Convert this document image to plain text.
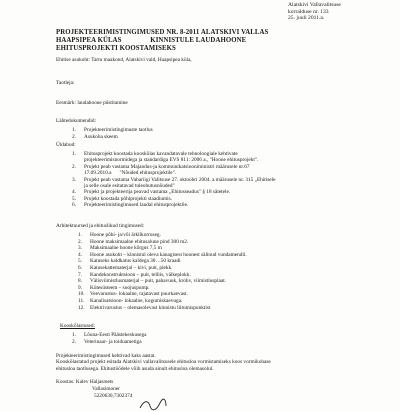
Alatskivi Vallavalitsuse
korralduse nr. 133
25. juuli 2011.a.
PROJEKTEERIMISTINGIMUSED NR. 8-2011 ALATSKIVI VALLAS
HAAPSIPEA KÜLAS                KINNISTULE LAUDAHOONE
EHITUSPROJEKTI KOOSTAMISEKS
Ehitise asukoht: Tartu maakond, Alatskivi vald, Haapsipea küla,
Taotleja:
Eesmärk: laudahoone püstitamine
Lähtedokumendid:
1. Projekteerimistingimuste taotlus
2. Asukoha skeem
Üldabud:
1. Ehitusprojekt koostada kooskõlas kavandatavale tehnoloogiale kehtivate
projekteerimisnormidega ja standardiga EVS 811: 2006 a., "Hoone ehitusprojekt".
2. Projekt peab vastama Majandus-ja kommunikatsiooniministri määrusele nr.67
17.09.2010.a      "Nõuded ehitusprojektile".
3. Projekt peab vastama Vabariigi Valitsuse 27. oktoobri 2004. a määrusele nr. 315 „Ehitisele
ja selle osale esitatavad tuleohutusnõuded"
4. Projekt ja projekteerija peavad vastama „Ehitusseadus" § 18 sätetele.
5. Projekt koostada põhiprojekti staadiumis.
6. Projekteerimistingimused laudal ehitusprojektile.
Arhitektuursed ja ehituslikud tingimused:
1. Hoone põhi- ja/või ärklikorruseg.
2. Hoone maksimaalne ehitusalune pind 300 m2.
3. Maksimaalne hoone kõrgus 7,5 m
4. Hoone asukoht – kinnistul oleva kanagisest hoonest sälinud vundamendil.
5. Katuseks kaldkatus kaldega 30…50 kraadi
6. Katusekattematerjal – kivi, puit, plekk.
7. Kandekonstruktsioon – puit, telliis, väikeplokk.
8. Välisviimistlusmaterjal – puit, pahavuuk, krohv, viimistlusplaat.
9. Kütesüsteem – soojuspump.
10. Veevarustus- lokaalne, rajatavast puurkaevast.
11. Kanalisatsioon- lokaalne, kogumiskaevuga.
12. Elektrivarustus – olemasolevast kinnistu liitumispunktist
Kooskõlastused:
1. Lõuna-Eesti Päästekeskusega
2. Veterinaar- ja toiduametiga
Projekteerimistingimused kehtivad kaks aastat.
Kooskõlastatud projekt esitada Alatskivi vallavalitsusele ehitusloa vormistamiseks koos vormikohase
ehitusloa taotlusega. Ehitustöödele võib asuda ainult ehitusloa olemasolul.
Koostas: Kalev Haljasmets
Vallasimoner
5220630,7302374
